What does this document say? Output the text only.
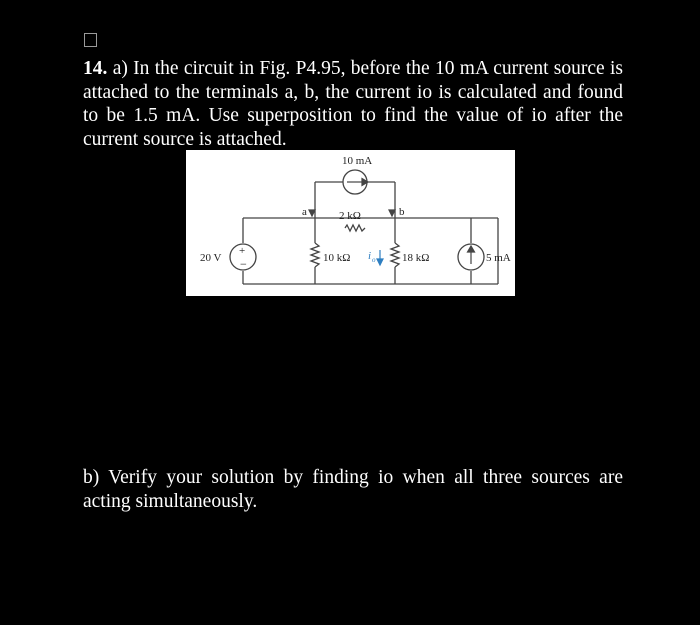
14. a) In the circuit in Fig. P4.95, before the 10 mA current source is attached to the terminals a, b, the current io is calculated and found to be 1.5 mA. Use superposition to find the value of io after the current source is attached.

10 mA
a	b
2 kΩ
20 V
+
−	10 kΩ i o 18 kΩ	5 mA

b) Verify your solution by finding io when all three sources are acting simultaneously.
